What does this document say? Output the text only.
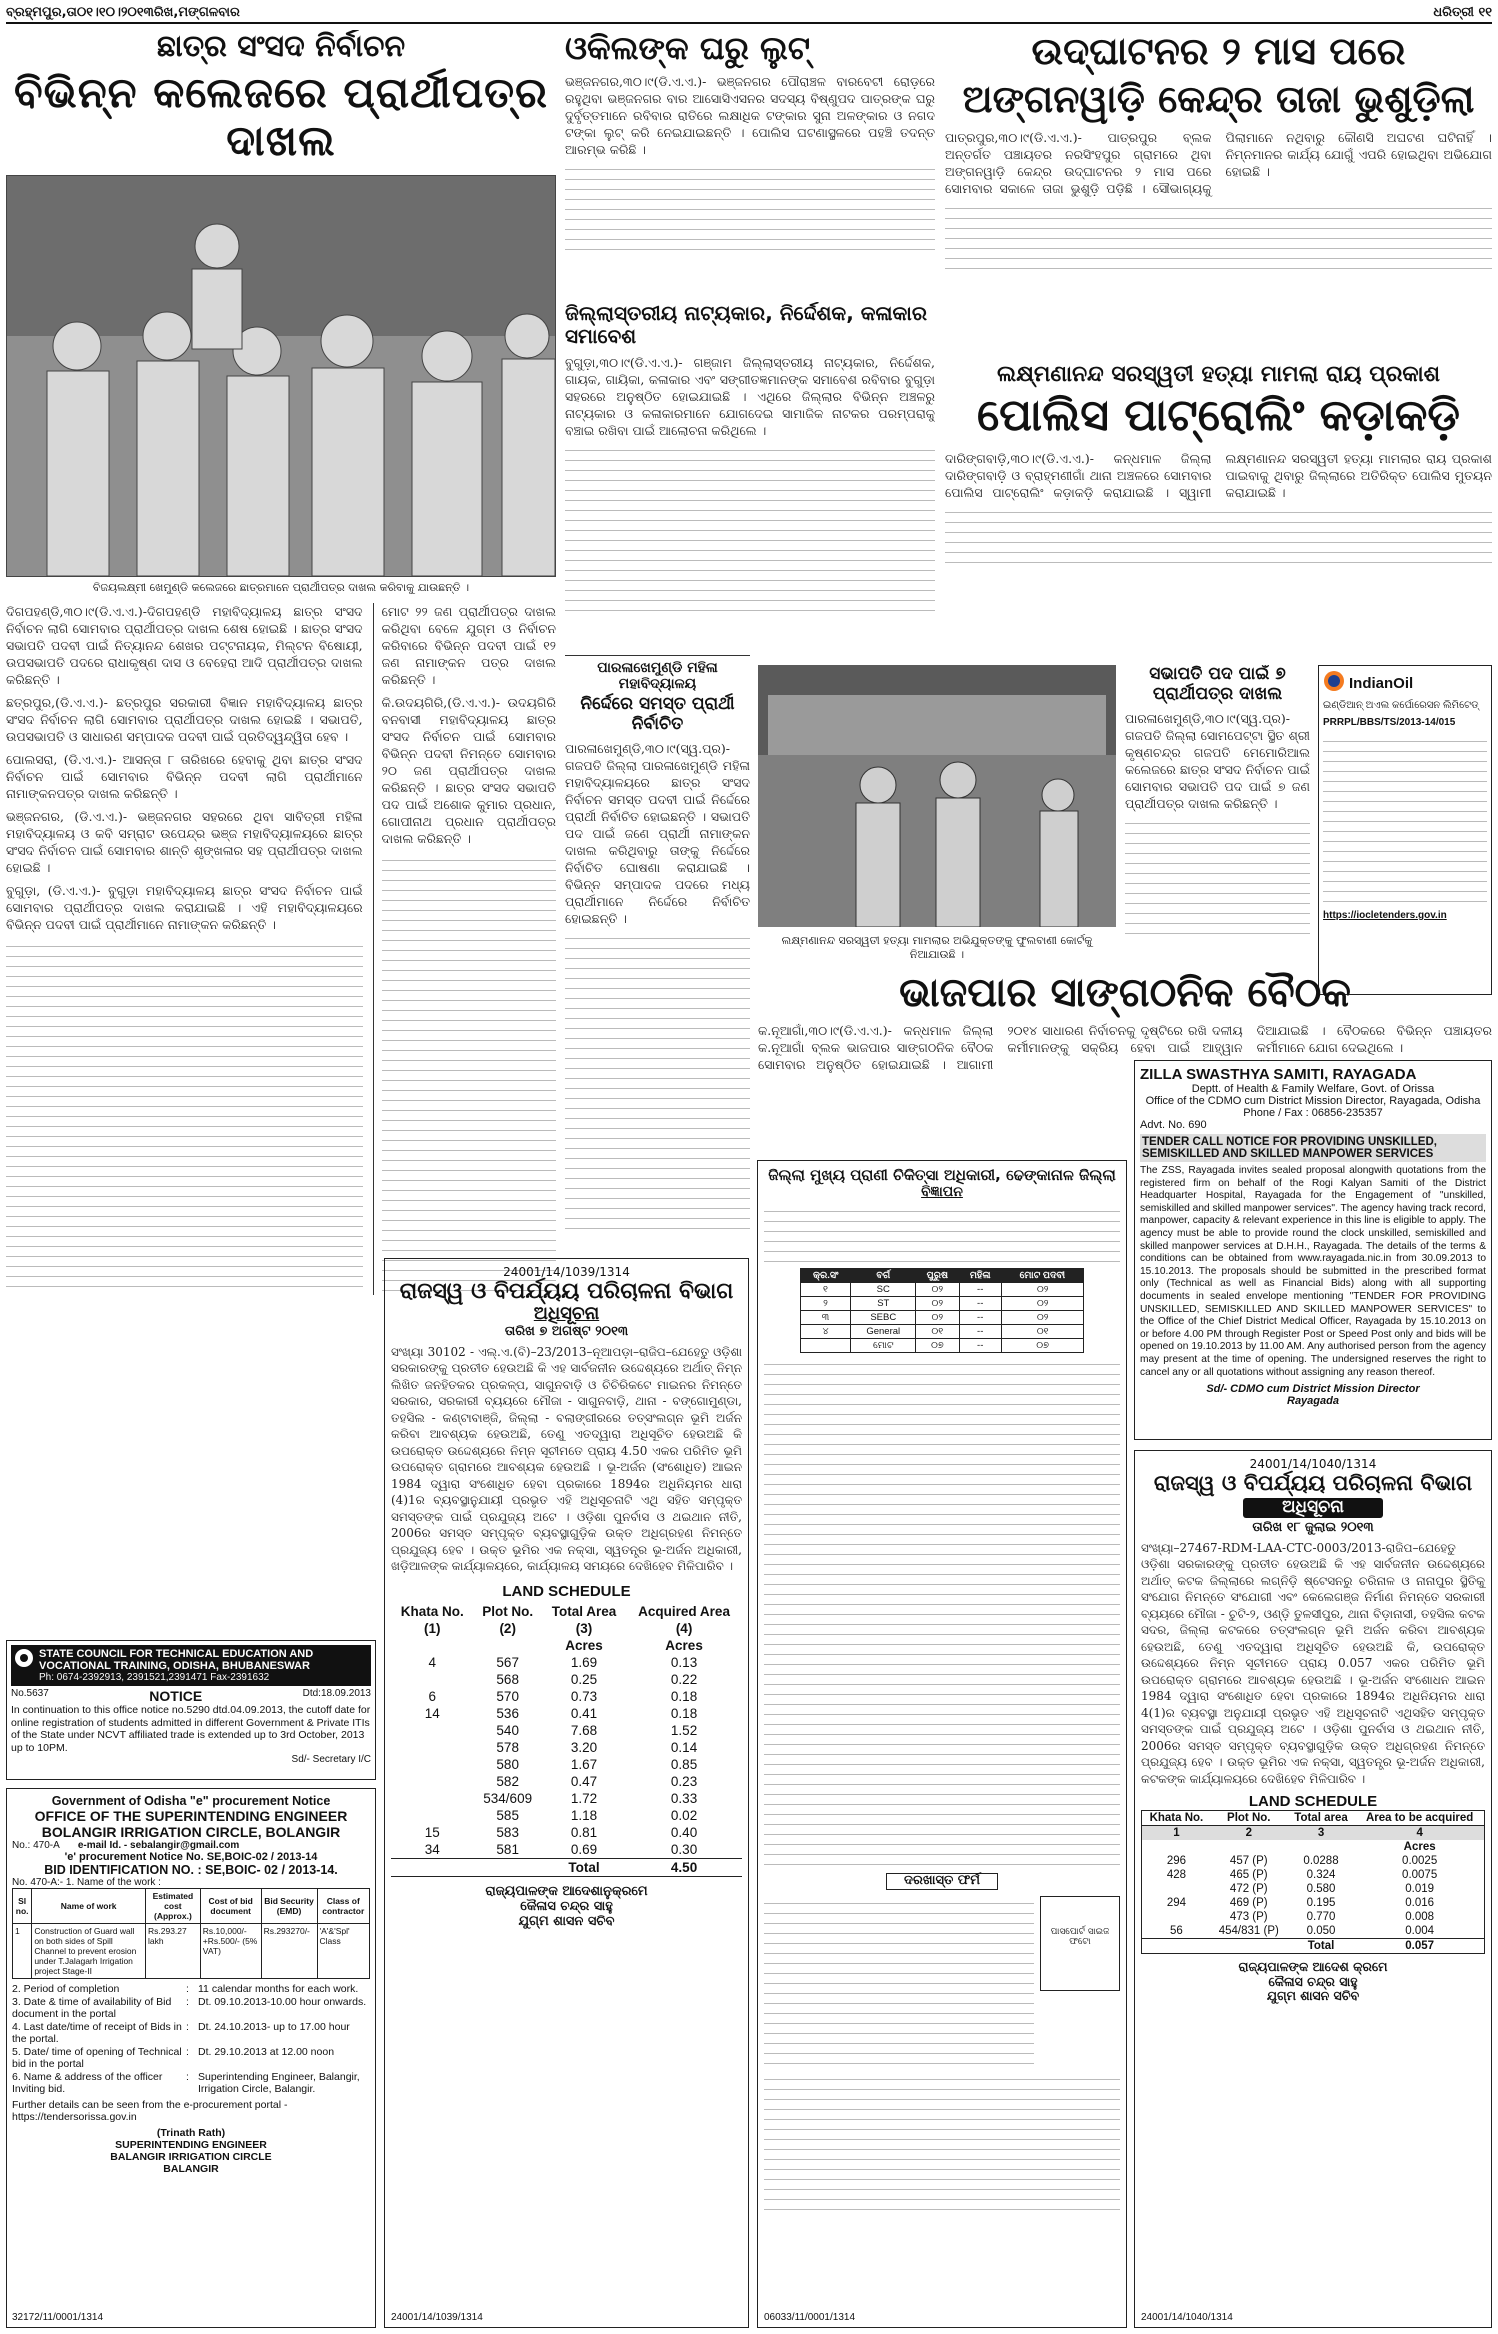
ବ୍ରହ୍ମପୁର,ତା୦୧।୧୦।୨୦୧୩ରିଖ,ମଙ୍ଗଳବାର	ଧରିତ୍ରୀ ୧୧
ଛାତ୍ର ସଂସଦ ନିର୍ବାଚନ
ବିଭିନ୍ନ କଲେଜରେ ପ୍ରାର୍ଥୀପତ୍ର ଦାଖଲ
ବିଜୟଲକ୍ଷ୍ମୀ ଖେମୁଣ୍ଡି କଲେଜରେ ଛାତ୍ରମାନେ ପ୍ରାର୍ଥୀପତ୍ର ଦାଖଲ କରିବାକୁ ଯାଉଛନ୍ତି ।

ଦିଗପହଣ୍ଡି,୩୦।୯(ଡି.ଏ.ଏ.)-ଦିଗପହଣ୍ଡି ମହାବିଦ୍ୟାଳୟ ଛାତ୍ର ସଂସଦ ନିର୍ବାଚନ ଲାଗି ସୋମବାର ପ୍ରାର୍ଥୀପତ୍ର ଦାଖଲ ଶେଷ ହୋଇଛି । ଛାତ୍ର ସଂସଦ ସଭାପତି ପଦବୀ ପାଇଁ ନିତ୍ୟାନନ୍ଦ ଶେଖର ପଟ୍ଟନାୟକ, ମିଲ୍ଟନ ବିଷୋୟୀ, ଉପସଭାପତି ପଦରେ ରାଧାକୃଷ୍ଣ ଦାସ ଓ ବେହେରା ଆଦି ପ୍ରାର୍ଥୀପତ୍ର ଦାଖଲ କରିଛନ୍ତି ।

ଛତ୍ରପୁର,(ଡି.ଏ.ଏ.)- ଛତ୍ରପୁର ସରକାରୀ ବିଜ୍ଞାନ ମହାବିଦ୍ୟାଳୟ ଛାତ୍ର ସଂସଦ ନିର୍ବାଚନ ଲାଗି ସୋମବାର ପ୍ରାର୍ଥୀପତ୍ର ଦାଖଲ ହୋଇଛି । ସଭାପତି, ଉପସଭାପତି ଓ ସାଧାରଣ ସମ୍ପାଦକ ପଦବୀ ପାଇଁ ପ୍ରତିଦ୍ୱନ୍ଦ୍ୱିତା ହେବ ।

ପୋଲସରା, (ଡି.ଏ.ଏ.)- ଆସନ୍ତା ୮ ତାରିଖରେ ହେବାକୁ ଥିବା ଛାତ୍ର ସଂସଦ ନିର୍ବାଚନ ପାଇଁ ସୋମବାର ବିଭିନ୍ନ ପଦବୀ ଲାଗି ପ୍ରାର୍ଥୀମାନେ ନାମାଙ୍କନପତ୍ର ଦାଖଲ କରିଛନ୍ତି ।

ଭଞ୍ଜନଗର, (ଡି.ଏ.ଏ.)- ଭଞ୍ଜନଗର ସହରରେ ଥିବା ସାବିତ୍ରୀ ମହିଳା ମହାବିଦ୍ୟାଳୟ ଓ କବି ସମ୍ରାଟ ଉପେନ୍ଦ୍ର ଭଞ୍ଜ ମହାବିଦ୍ୟାଳୟରେ ଛାତ୍ର ସଂସଦ ନିର୍ବାଚନ ପାଇଁ ସୋମବାର ଶାନ୍ତି ଶୃଙ୍ଖଳାର ସହ ପ୍ରାର୍ଥୀପତ୍ର ଦାଖଲ ହୋଇଛି ।

ବୁଗୁଡ଼ା, (ଡି.ଏ.ଏ.)- ବୁଗୁଡ଼ା ମହାବିଦ୍ୟାଳୟ ଛାତ୍ର ସଂସଦ ନିର୍ବାଚନ ପାଇଁ ସୋମବାର ପ୍ରାର୍ଥୀପତ୍ର ଦାଖଲ କରାଯାଇଛି । ଏହି ମହାବିଦ୍ୟାଳୟରେ ବିଭିନ୍ନ ପଦବୀ ପାଇଁ ପ୍ରାର୍ଥୀମାନେ ନାମାଙ୍କନ କରିଛନ୍ତି ।

ମୋଟ ୨୨ ଜଣ ପ୍ରାର୍ଥୀପତ୍ର ଦାଖଲ କରିଥିବା ବେଳେ ଯୁଗ୍ମ ଓ ନିର୍ବାଚନ କରିବାରେ ବିଭିନ୍ନ ପଦବୀ ପାଇଁ ୧୨ ଜଣ ନାମାଙ୍କନ ପତ୍ର ଦାଖଲ କରିଛନ୍ତି ।

କି.ଉଦୟଗିରି,(ଡି.ଏ.ଏ.)- ଉଦୟଗିରି ବନବାସୀ ମହାବିଦ୍ୟାଳୟ ଛାତ୍ର ସଂସଦ ନିର୍ବାଚନ ପାଇଁ ସୋମବାର ବିଭିନ୍ନ ପଦବୀ ନିମନ୍ତେ ସୋମବାର ୨୦ ଜଣ ପ୍ରାର୍ଥୀପତ୍ର ଦାଖଲ କରିଛନ୍ତି । ଛାତ୍ର ସଂସଦ ସଭାପତି ପଦ ପାଇଁ ଅଶୋକ କୁମାର ପ୍ରଧାନ, ଗୋପୀନାଥ ପ୍ରଧାନ ପ୍ରାର୍ଥୀପତ୍ର ଦାଖଲ କରିଛନ୍ତି ।

ଓକିଲଙ୍କ ଘରୁ ଲୁଟ୍
ଭଞ୍ଜନଗର,୩୦।୯(ଡି.ଏ.ଏ.)- ଭଞ୍ଜନଗର ପୌରାଞ୍ଚଳ ବାରବେଟୀ ରୋଡ଼ରେ ରହୁଥିବା ଭଞ୍ଜନଗର ବାର ଆସୋସିଏସନର ସଦସ୍ୟ ବିଷ୍ଣୁପଦ ପାତ୍ରଙ୍କ ଘରୁ ଦୁର୍ବୃତ୍ତମାନେ ରବିବାର ରାତିରେ ଲକ୍ଷାଧିକ ଟଙ୍କାର ସୁନା ଅଳଙ୍କାର ଓ ନଗଦ ଟଙ୍କା ଲୁଟ୍ କରି ନେଇଯାଇଛନ୍ତି । ପୋଲିସ ଘଟଣାସ୍ଥଳରେ ପହଞ୍ଚି ତଦନ୍ତ ଆରମ୍ଭ କରିଛି ।
ଜିଲ୍ଲାସ୍ତରୀୟ ନାଟ୍ୟକାର, ନିର୍ଦ୍ଦେଶକ, କଳାକାର ସମାବେଶ
ବୁଗୁଡ଼ା,୩୦।୯(ଡି.ଏ.ଏ.)- ଗଞ୍ଜାମ ଜିଲ୍ଲାସ୍ତରୀୟ ନାଟ୍ୟକାର, ନିର୍ଦ୍ଦେଶକ, ଗାୟକ, ଗାୟିକା, କଳାକାର ଏବଂ ସଙ୍ଗୀତଜ୍ଞମାନଙ୍କ ସମାବେଶ ରବିବାର ବୁଗୁଡ଼ା ସହରରେ ଅନୁଷ୍ଠିତ ହୋଇଯାଇଛି । ଏଥିରେ ଜିଲ୍ଲାର ବିଭିନ୍ନ ଅଞ୍ଚଳରୁ ନାଟ୍ୟକାର ଓ କଳାକାରମାନେ ଯୋଗଦେଇ ସାମାଜିକ ନାଟକର ପରମ୍ପରାକୁ ବଞ୍ଚାଇ ରଖିବା ପାଇଁ ଆଲୋଚନା କରିଥିଲେ ।
ଉଦ୍‌ଘାଟନର ୨ ମାସ ପରେ
ଅଙ୍ଗନୱାଡ଼ି କେନ୍ଦ୍ର ତାଜା ଭୁଶୁଡ଼ିଲା
ପାତ୍ରପୁର,୩୦।୯(ଡି.ଏ.ଏ.)- ପାତ୍ରପୁର ବ୍ଲକ ଅନ୍ତର୍ଗତ ପଞ୍ଚାୟତର ନରସିଂହପୁର ଗ୍ରାମରେ ଥିବା ଅଙ୍ଗନୱାଡ଼ି କେନ୍ଦ୍ର ଉଦ୍‌ଘାଟନର ୨ ମାସ ପରେ ସୋମବାର ସକାଳେ ତାଜା ଭୁଶୁଡ଼ି ପଡ଼ିଛି । ସୌଭାଗ୍ୟକୁ ପିଲାମାନେ ନଥିବାରୁ କୌଣସି ଅଘଟଣ ଘଟିନାହିଁ । ନିମ୍ନମାନର କାର୍ଯ୍ୟ ଯୋଗୁଁ ଏପରି ହୋଇଥିବା ଅଭିଯୋଗ ହୋଇଛି ।
ଲକ୍ଷ୍ମଣାନନ୍ଦ ସରସ୍ୱତୀ ହତ୍ୟା ମାମଲା ରାୟ ପ୍ରକାଶ
ପୋଲିସ ପାଟ୍ରୋଲିଂ କଡ଼ାକଡ଼ି
ଦାରିଙ୍ଗବାଡ଼ି,୩୦।୯(ଡି.ଏ.ଏ.)- କନ୍ଧମାଳ ଜିଲ୍ଲା ଦାରିଙ୍ଗବାଡ଼ି ଓ ବ୍ରାହ୍ମଣୀଗାଁ ଥାନା ଅଞ୍ଚଳରେ ସୋମବାର ପୋଲିସ ପାଟ୍ରୋଲିଂ କଡ଼ାକଡ଼ି କରାଯାଇଛି । ସ୍ୱାମୀ ଲକ୍ଷ୍ମଣାନନ୍ଦ ସରସ୍ୱତୀ ହତ୍ୟା ମାମଲାର ରାୟ ପ୍ରକାଶ ପାଇବାକୁ ଥିବାରୁ ଜିଲ୍ଲାରେ ଅତିରିକ୍ତ ପୋଲିସ ମୁତୟନ କରାଯାଇଛି ।
ପାରଳାଖେମୁଣ୍ଡି ମହିଳା ମହାବିଦ୍ୟାଳୟ
ନିର୍ଦ୍ଦେରେ ସମସ୍ତ ପ୍ରାର୍ଥୀ ନିର୍ବାଚିତ
ପାରଳାଖେମୁଣ୍ଡି,୩୦।୯(ସ୍ୱ.ପ୍ର)- ଗଜପତି ଜିଲ୍ଲା ପାରଳାଖେମୁଣ୍ଡି ମହିଳା ମହାବିଦ୍ୟାଳୟରେ ଛାତ୍ର ସଂସଦ ନିର୍ବାଚନ ସମସ୍ତ ପଦବୀ ପାଇଁ ନିର୍ଦ୍ଦେରେ ପ୍ରାର୍ଥୀ ନିର୍ବାଚିତ ହୋଇଛନ୍ତି । ସଭାପତି ପଦ ପାଇଁ ଜଣେ ପ୍ରାର୍ଥୀ ନାମାଙ୍କନ ଦାଖଲ କରିଥିବାରୁ ତାଙ୍କୁ ନିର୍ଦ୍ଦେରେ ନିର୍ବାଚିତ ଘୋଷଣା କରାଯାଇଛି । ବିଭିନ୍ନ ସମ୍ପାଦକ ପଦରେ ମଧ୍ୟ ପ୍ରାର୍ଥୀମାନେ ନିର୍ଦ୍ଦେରେ ନିର୍ବାଚିତ ହୋଇଛନ୍ତି ।
ଲକ୍ଷ୍ମଣାନନ୍ଦ ସରସ୍ୱତୀ ହତ୍ୟା ମାମଲାର ଅଭିଯୁକ୍ତଙ୍କୁ ଫୁଲବାଣୀ କୋର୍ଟକୁ ନିଆଯାଉଛି ।
ସଭାପତି ପଦ ପାଇଁ ୭ ପ୍ରାର୍ଥୀପତ୍ର ଦାଖଲ
ପାରଳାଖେମୁଣ୍ଡି,୩୦।୯(ସ୍ୱ.ପ୍ର)- ଗଜପତି ଜିଲ୍ଲା ସୋମପେଟ୍ଟା ସ୍ଥିତ ଶ୍ରୀ କୃଷ୍ଣଚନ୍ଦ୍ର ଗଜପତି ମେମୋରିଆଲ କଲେଜରେ ଛାତ୍ର ସଂସଦ ନିର୍ବାଚନ ପାଇଁ ସୋମବାର ସଭାପତି ପଦ ପାଇଁ ୭ ଜଣ ପ୍ରାର୍ଥୀପତ୍ର ଦାଖଲ କରିଛନ୍ତି ।
IndianOil
ଇଣ୍ଡିଆନ୍ ଅଏଲ କର୍ପୋରେସନ ଲିମିଟେଡ୍
PRRPL/BBS/TS/2013-14/015
https://iocletenders.gov.in
ଭାଜପାର ସାଙ୍ଗଠନିକ ବୈଠକ
କ.ନୂଆଗାଁ,୩୦।୯(ଡି.ଏ.ଏ.)- କନ୍ଧମାଳ ଜିଲ୍ଲା କ.ନୂଆଗାଁ ବ୍ଲକ ଭାଜପାର ସାଙ୍ଗଠନିକ ବୈଠକ ସୋମବାର ଅନୁଷ୍ଠିତ ହୋଇଯାଇଛି । ଆଗାମୀ ୨୦୧୪ ସାଧାରଣ ନିର୍ବାଚନକୁ ଦୃଷ୍ଟିରେ ରଖି ଦଳୀୟ କର୍ମୀମାନଙ୍କୁ ସକ୍ରିୟ ହେବା ପାଇଁ ଆହ୍ୱାନ ଦିଆଯାଇଛି । ବୈଠକରେ ବିଭିନ୍ନ ପଞ୍ଚାୟତର କର୍ମୀମାନେ ଯୋଗ ଦେଇଥିଲେ ।
ZILLA SWASTHYA SAMITI, RAYAGADA
Deptt. of Health & Family Welfare, Govt. of Orissa
Office of the CDMO cum District Mission Director, Rayagada, Odisha
Phone / Fax : 06856-235357
Advt. No. 690
TENDER CALL NOTICE FOR PROVIDING UNSKILLED, SEMISKILLED AND SKILLED MANPOWER SERVICES
The ZSS, Rayagada invites sealed proposal alongwith quotations from the registered firm on behalf of the Rogi Kalyan Samiti of the District Headquarter Hospital, Rayagada for the Engagement of "unskilled, semiskilled and skilled manpower services". The agency having track record, manpower, capacity & relevant experience in this line is eligible to apply. The agency must be able to provide round the clock unskilled, semiskilled and skilled manpower services at D.H.H., Rayagada. The details of the terms & conditions can be obtained from www.rayagada.nic.in from 30.09.2013 to 15.10.2013. The proposals should be submitted in the prescribed format only (Technical as well as Financial Bids) along with all supporting documents in sealed envelope mentioning "TENDER FOR PROVIDING UNSKILLED, SEMISKILLED AND SKILLED MANPOWER SERVICES" to the Office of the Chief District Medical Officer, Rayagada by 15.10.2013 on or before 4.00 PM through Register Post or Speed Post only and bids will be opened on 19.10.2013 by 11.00 AM. Any authorised person from the agency may present at the time of opening. The undersigned reserves the right to cancel any or all quotations without assigning any reason thereof.
Sd/- CDMO cum District Mission Director
Rayagada
STATE COUNCIL FOR TECHNICAL EDUCATION AND VOCATIONAL TRAINING, ODISHA, BHUBANESWAR
Ph: 0674-2392913, 2391521,2391471 Fax-2391632
No.5637	NOTICE	Dtd:18.09.2013
In continuation to this office notice no.5290 dtd.04.09.2013, the cutoff date for online registration of students admitted in different Government & Private ITIs of the State under NCVT affiliated trade is extended up to 3rd October, 2013 up to 10PM.
Sd/- Secretary I/C
Government of Odisha "e" procurement Notice
OFFICE OF THE SUPERINTENDING ENGINEER
BOLANGIR IRRIGATION CIRCLE, BOLANGIR
No.: 470-A e-mail Id. - sebalangir@gmail.com
'e' procurement Notice No. SE,BOIC-02 / 2013-14
BID IDENTIFICATION NO. : SE,BOIC- 02 / 2013-14.
No. 470-A:- 1. Name of the work :
Sl no.	Name of work	Estimated cost (Approx.)	Cost of bid document	Bid Security (EMD)	Class of contractor
1	Construction of Guard wall on both sides of Spill Channel to prevent erosion under T.Jalagarh Irrigation project Stage-II	Rs.293.27 lakh	Rs.10,000/- +Rs.500/- (5% VAT)	Rs.293270/-	'A'&'Spl' Class
2. Period of completion	: 11 calendar months for each work.
3. Date & time of availability of Bid document in the portal
: Dt. 09.10.2013-10.00 hour onwards.
4. Last date/time of receipt of Bids in the portal.
: Dt. 24.10.2013- up to 17.00 hour
5. Date/ time of opening of Technical bid in the portal
: Dt. 29.10.2013 at 12.00 noon
6. Name & address of the officer Inviting bid.
: Superintending Engineer, Balangir, Irrigation Circle, Balangir.
Further details can be seen from the e-procurement portal - https://tendersorissa.gov.in
(Trinath Rath)
SUPERINTENDING ENGINEER
BALANGIR IRRIGATION CIRCLE
BALANGIR
32172/11/0001/1314
24001/14/1039/1314
ରାଜସ୍ୱ ଓ ବିପର୍ଯ୍ୟୟ ପରିଚାଳନା ବିଭାଗ
ଅଧିସୂଚନା
ତାରିଖ ୭ ଅଗଷ୍ଟ ୨୦୧୩
ସଂଖ୍ୟା 30102 - ଏଲ୍.ଏ.(ବି)–23/2013–ନୂଆପଡ଼ା–ରାଜିପ–ଯେହେତୁ ଓଡ଼ିଶା ସରକାରଙ୍କୁ ପ୍ରତୀତ ହେଉଅଛି କି ଏହ ସାର୍ବଜନୀନ ଉଦ୍ଦେଶ୍ୟରେ ଅର୍ଥାତ୍ ନିମ୍ନ ଲିଖିତ ଜନହିତକର ପ୍ରକଳ୍ପ, ସାଗୁନବାଡ଼ି ଓ ଚିଚିରିକଟେ ମାଇନର ନିମନ୍ତେ ସରକାର, ସରକାରୀ ବ୍ୟୟରେ ମୌଜା - ସାଗୁନବାଡ଼ି, ଥାନା - ବଙ୍ଗୋମୁଣ୍ଡା, ତହସିଲ - କଣ୍ଟାବାଞ୍ଜି, ଜିଲ୍ଲା - ବଲାଙ୍ଗୀରରେ ତତ୍ସଂଲଗ୍ନ ଭୂମି ଅର୍ଜନ କରିବା ଆବଶ୍ୟକ ହେଉଅଛି, ତେଣୁ ଏତଦ୍ୱାରା ଅଧିସୂଚିତ ହେଉଅଛି କି ଉପରୋକ୍ତ ଉଦ୍ଦେଶ୍ୟରେ ନିମ୍ନ ସୂଚୀମତେ ପ୍ରାୟ 4.50 ଏକର ପରିମିତ ଭୂମି ଉପରୋକ୍ତ ଗ୍ରାମରେ ଆବଶ୍ୟକ ହେଉଅଛି । ଭୂ-ଅର୍ଜନ (ସଂଶୋଧିତ) ଆଇନ 1984 ଦ୍ୱାରା ସଂଶୋଧିତ ହେବା ପ୍ରକାରେ 1894ର ଅଧିନିୟମର ଧାରା (4)1ର ବ୍ୟବସ୍ଥାନୁଯାୟୀ ପ୍ରଭୃତ ଏହି ଅଧିସୂଚନାଟି ଏଥି ସହିତ ସମ୍ପୃକ୍ତ ସମସ୍ତଙ୍କ ପାଇଁ ପ୍ରଯୁଜ୍ୟ ଅଟେ । ଓଡ଼ିଶା ପୁନର୍ବାସ ଓ ଥଇଥାନ ନୀତି, 2006ର ସମସ୍ତ ସମ୍ପୃକ୍ତ ବ୍ୟବସ୍ଥାଗୁଡ଼ିକ ଉକ୍ତ ଅଧିଗ୍ରହଣ ନିମନ୍ତେ ପ୍ରଯୁଜ୍ୟ ହେବ । ଉକ୍ତ ଭୂମିର ଏକ ନକ୍ସା, ସ୍ୱତନ୍ତ୍ର ଭୂ-ଅର୍ଜନ ଅଧିକାରୀ, ଖଡ଼ିଆଳଙ୍କ କାର୍ଯ୍ୟାଳୟରେ, କାର୍ଯ୍ୟାଳୟ ସମୟରେ ଦେଖିହେବ ମିଳିପାରିବ ।
LAND SCHEDULE
Khata No.	Plot No.	Total Area	Acquired Area
(1)	(2)	(3)	(4)
		Acres	Acres
4	567	1.69	0.13
	568	0.25	0.22
6	570	0.73	0.18
14	536	0.41	0.18
	540	7.68	1.52
	578	3.20	0.14
	580	1.67	0.85
	582	0.47	0.23
	534/609	1.72	0.33
	585	1.18	0.02
15	583	0.81	0.40
34	581	0.69	0.30
		Total	4.50
ରାଜ୍ୟପାଳଙ୍କ ଆଦେଶାନୁକ୍ରମେ
କୈଳାସ ଚନ୍ଦ୍ର ସାହୁ
ଯୁଗ୍ମ ଶାସନ ସଚିବ
24001/14/1039/1314
ଜିଲ୍ଲା ମୁଖ୍ୟ ପ୍ରାଣୀ ଚିକିତ୍ସା ଅଧିକାରୀ, ଢେଙ୍କାନାଳ ଜିଲ୍ଲା
ବିଜ୍ଞାପନ
କ୍ର.ସଂ	ବର୍ଗ	ପୁରୁଷ	ମହିଳା	ମୋଟ ପଦବୀ
୧	SC	୦୨	--	୦୨
୨	ST	୦୨	--	୦୨
୩	SEBC	୦୨	--	୦୨
୪	General	୦୧	--	୦୧
	ମୋଟ	୦୭	--	୦୭
ଦରଖାସ୍ତ ଫର୍ମ
ପାସପୋର୍ଟ ସାଇଜ ଫଟୋ
06033/11/0001/1314
24001/14/1040/1314
ରାଜସ୍ୱ ଓ ବିପର୍ଯ୍ୟୟ ପରିଚାଳନା ବିଭାଗ
ଅଧିସୂଚନା
ତାରିଖ ୧୮ ଜୁଲାଇ ୨୦୧୩
ସଂଖ୍ୟା–27467-RDM-LAA-CTC-0003/2013-ରାଜିପ–ଯେହେତୁ ଓଡ଼ିଶା ସରକାରଙ୍କୁ ପ୍ରତୀତ ହେଉଅଛି କି ଏହ ସାର୍ବଜନୀନ ଉଦ୍ଦେଶ୍ୟରେ ଅର୍ଥାତ୍ କଟକ ଜିଲ୍ଲାରେ ଲଗ୍ନିଡ଼ି ଷ୍ଟେସନରୁ ଚରିନାଳ ଓ ନାନାପୁର ସ୍ଥିତିକୁ ସଂଯୋଗ ନିମନ୍ତେ ସଂଯୋଗୀ ଏବଂ କେଲେଗଞ୍ଜ ନିର୍ମାଣ ନିମନ୍ତେ ସରକାରୀ ବ୍ୟୟରେ ମୌଜା - ଚୁଟି-୨, ଓଣ୍ଡ଼ି ତୁଳସୀପୁର, ଥାନା ବିଡ଼ାନାସୀ, ତହସିଲ କଟକ ସଦର, ଜିଲ୍ଲା କଟକରେ ତତ୍ସଂଲଗ୍ନ ଭୂମି ଅର୍ଜନ କରିବା ଆବଶ୍ୟକ ହେଉଅଛି, ତେଣୁ ଏତଦ୍ୱାରା ଅଧିସୂଚିତ ହେଉଅଛି କି, ଉପରୋକ୍ତ ଉଦ୍ଦେଶ୍ୟରେ ନିମ୍ନ ସୂଚୀମତେ ପ୍ରାୟ 0.057 ଏକର ପରିମିତ ଭୂମି ଉପରୋକ୍ତ ଗ୍ରାମରେ ଆବଶ୍ୟକ ହେଉଅଛି । ଭୂ-ଅର୍ଜନ ସଂଶୋଧନ ଆଇନ 1984 ଦ୍ୱାରା ସଂଶୋଧିତ ହେବା ପ୍ରକାରେ 1894ର ଅଧିନିୟମର ଧାରା 4(1)ର ବ୍ୟବସ୍ଥା ଅନୁଯାୟୀ ପ୍ରଭୃତ ଏହି ଅଧିସୂଚନାଟି ଏଥିସହିତ ସମ୍ପୃକ୍ତ ସମସ୍ତଙ୍କ ପାଇଁ ପ୍ରଯୁଜ୍ୟ ଅଟେ । ଓଡ଼ିଶା ପୁନର୍ବାସ ଓ ଥଇଥାନ ନୀତି, 2006ର ସମସ୍ତ ସମ୍ପୃକ୍ତ ବ୍ୟବସ୍ଥାଗୁଡ଼ିକ ଉକ୍ତ ଅଧିଗ୍ରହଣ ନିମନ୍ତେ ପ୍ରଯୁଜ୍ୟ ହେବ । ଉକ୍ତ ଭୂମିର ଏକ ନକ୍ସା, ସ୍ୱତନ୍ତ୍ର ଭୂ-ଅର୍ଜନ ଅଧିକାରୀ, କଟକଙ୍କ କାର୍ଯ୍ୟାଳୟରେ ଦେଖିହେବ ମିଳିପାରିବ ।
LAND SCHEDULE
Khata No.	Plot No.	Total area	Area to be acquired
1	2	3	4
			Acres
296	457 (P)	0.0288	0.0025
428	465 (P)	0.324	0.0075
	472 (P)	0.580	0.019
294	469 (P)	0.195	0.016
	473 (P)	0.770	0.008
56	454/831 (P)	0.050	0.004
		Total	0.057
ରାଜ୍ୟପାଳଙ୍କ ଆଦେଶ କ୍ରମେ
କୈଳାସ ଚନ୍ଦ୍ର ସାହୁ
ଯୁଗ୍ମ ଶାସନ ସଚିବ
24001/14/1040/1314
